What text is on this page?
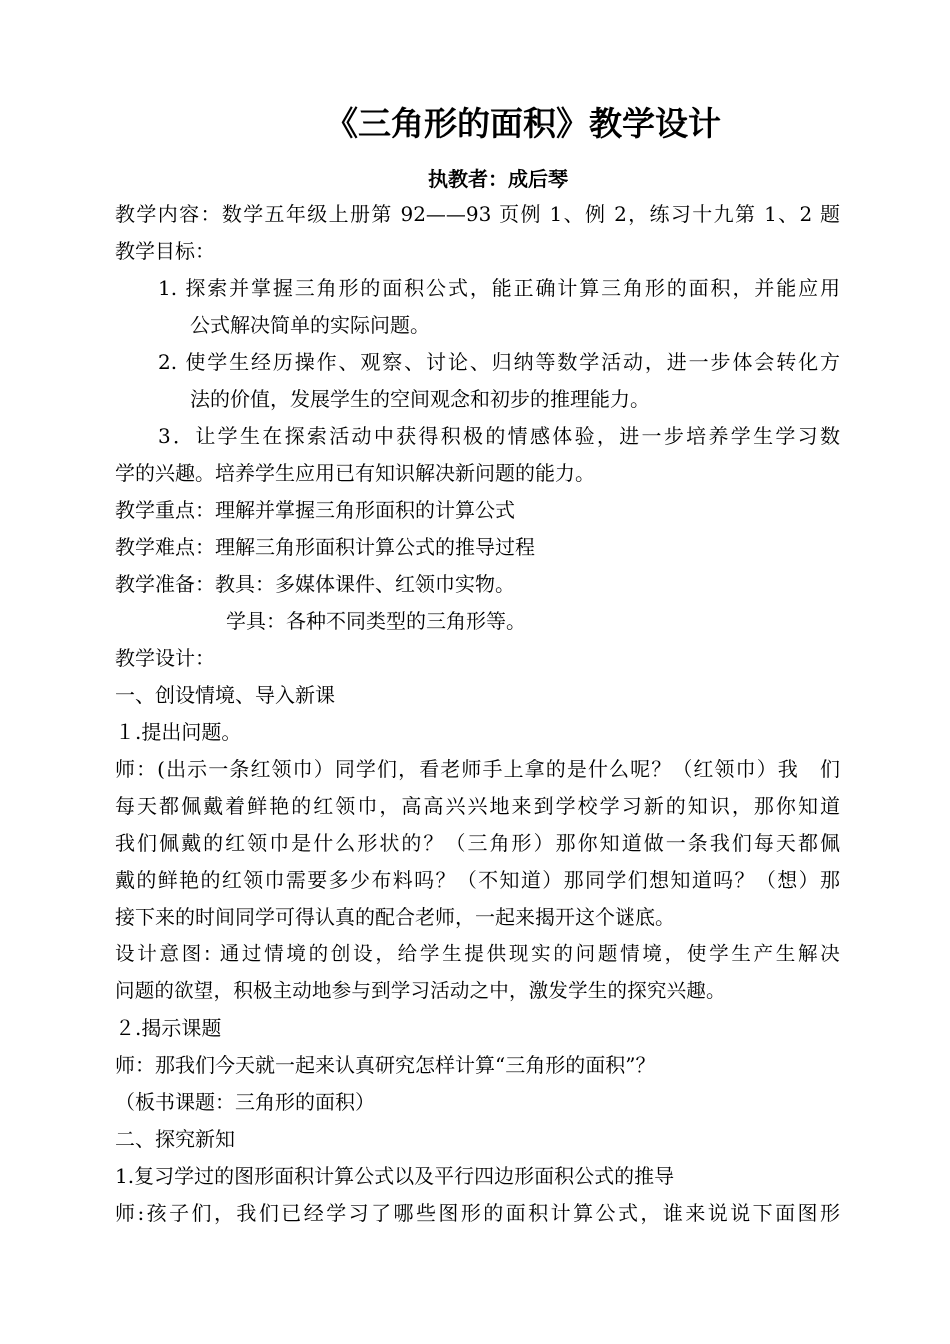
《三角形的面积》教学设计
执教者：成后琴
教学内容：数学五年级上册第 92——93 页例 1、例 2，练习十九第 1、2 题
教学目标：
1. 探索并掌握三角形的面积公式，能正确计算三角形的面积，并能应用
公式解决简单的实际问题。
2. 使学生经历操作、观察、讨论、归纳等数学活动，进一步体会转化方
法的价值，发展学生的空间观念和初步的推理能力。
3．让学生在探索活动中获得积极的情感体验，进一步培养学生学习数
学的兴趣。培养学生应用已有知识解决新问题的能力。
教学重点：理解并掌握三角形面积的计算公式
教学难点：理解三角形面积计算公式的推导过程
教学准备：教具：多媒体课件、红领巾实物。
学具：各种不同类型的三角形等。
教学设计：
一、创设情境、导入新课
１.提出问题。
师：(出示一条红领巾）同学们，看老师手上拿的是什么呢？（红领巾）我　们
每天都佩戴着鲜艳的红领巾，高高兴兴地来到学校学习新的知识，那你知道
我们佩戴的红领巾是什么形状的？（三角形）那你知道做一条我们每天都佩
戴的鲜艳的红领巾需要多少布料吗？（不知道）那同学们想知道吗？（想）那
接下来的时间同学可得认真的配合老师，一起来揭开这个谜底。
设计意图: 通过情境的创设，给学生提供现实的问题情境，使学生产生解决
问题的欲望，积极主动地参与到学习活动之中，激发学生的探究兴趣。
２.揭示课题
师：那我们今天就一起来认真研究怎样计算“三角形的面积”？
（板书课题：三角形的面积）
二、探究新知
1.复习学过的图形面积计算公式以及平行四边形面积公式的推导
师:孩子们，我们已经学习了哪些图形的面积计算公式，谁来说说下面图形
